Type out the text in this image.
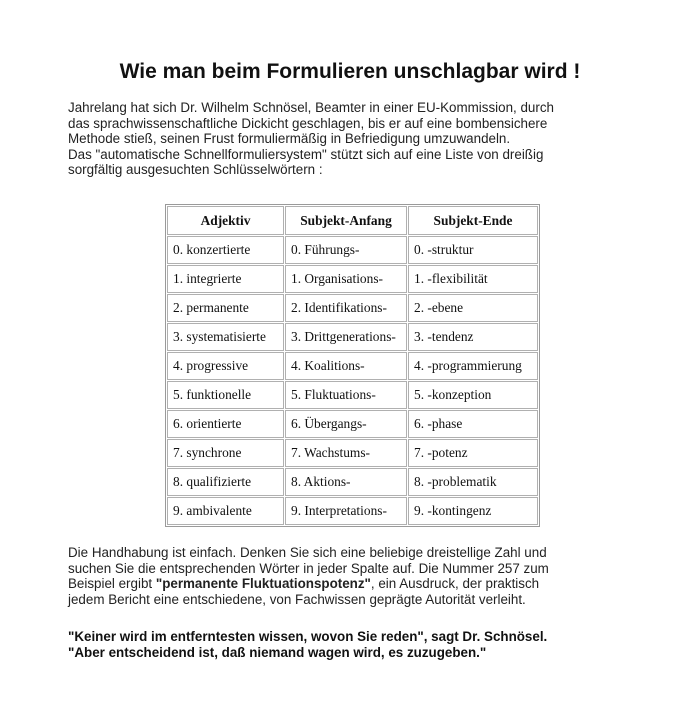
Wie man beim Formulieren unschlagbar wird !

Jahrelang hat sich Dr. Wilhelm Schnösel, Beamter in einer EU-Kommission, durch

das sprachwissenschaftliche Dickicht geschlagen, bis er auf eine bombensichere

Methode stieß, seinen Frust formuliermäßig in Befriedigung umzuwandeln.

Das "automatische Schnellformuliersystem" stützt sich auf eine Liste von dreißig

sorgfältig ausgesuchten Schlüsselwörtern :

Adjektiv	Subjekt-Anfang	Subjekt-Ende
0. konzertierte	0. Führungs-	0. -struktur
1. integrierte	1. Organisations-	1. -flexibilität
2. permanente	2. Identifikations-	2. -ebene
3. systematisierte	3. Drittgenerations-	3. -tendenz
4. progressive	4. Koalitions-	4. -programmierung
5. funktionelle	5. Fluktuations-	5. -konzeption
6. orientierte	6. Übergangs-	6. -phase
7. synchrone	7. Wachstums-	7. -potenz
8. qualifizierte	8. Aktions-	8. -problematik
9. ambivalente	9. Interpretations-	9. -kontingenz

Die Handhabung ist einfach. Denken Sie sich eine beliebige dreistellige Zahl und

suchen Sie die entsprechenden Wörter in jeder Spalte auf. Die Nummer 257 zum

Beispiel ergibt "permanente Fluktuationspotenz", ein Ausdruck, der praktisch

jedem Bericht eine entschiedene, von Fachwissen geprägte Autorität verleiht.

"Keiner wird im entferntesten wissen, wovon Sie reden", sagt Dr. Schnösel.

"Aber entscheidend ist, daß niemand wagen wird, es zuzugeben."
